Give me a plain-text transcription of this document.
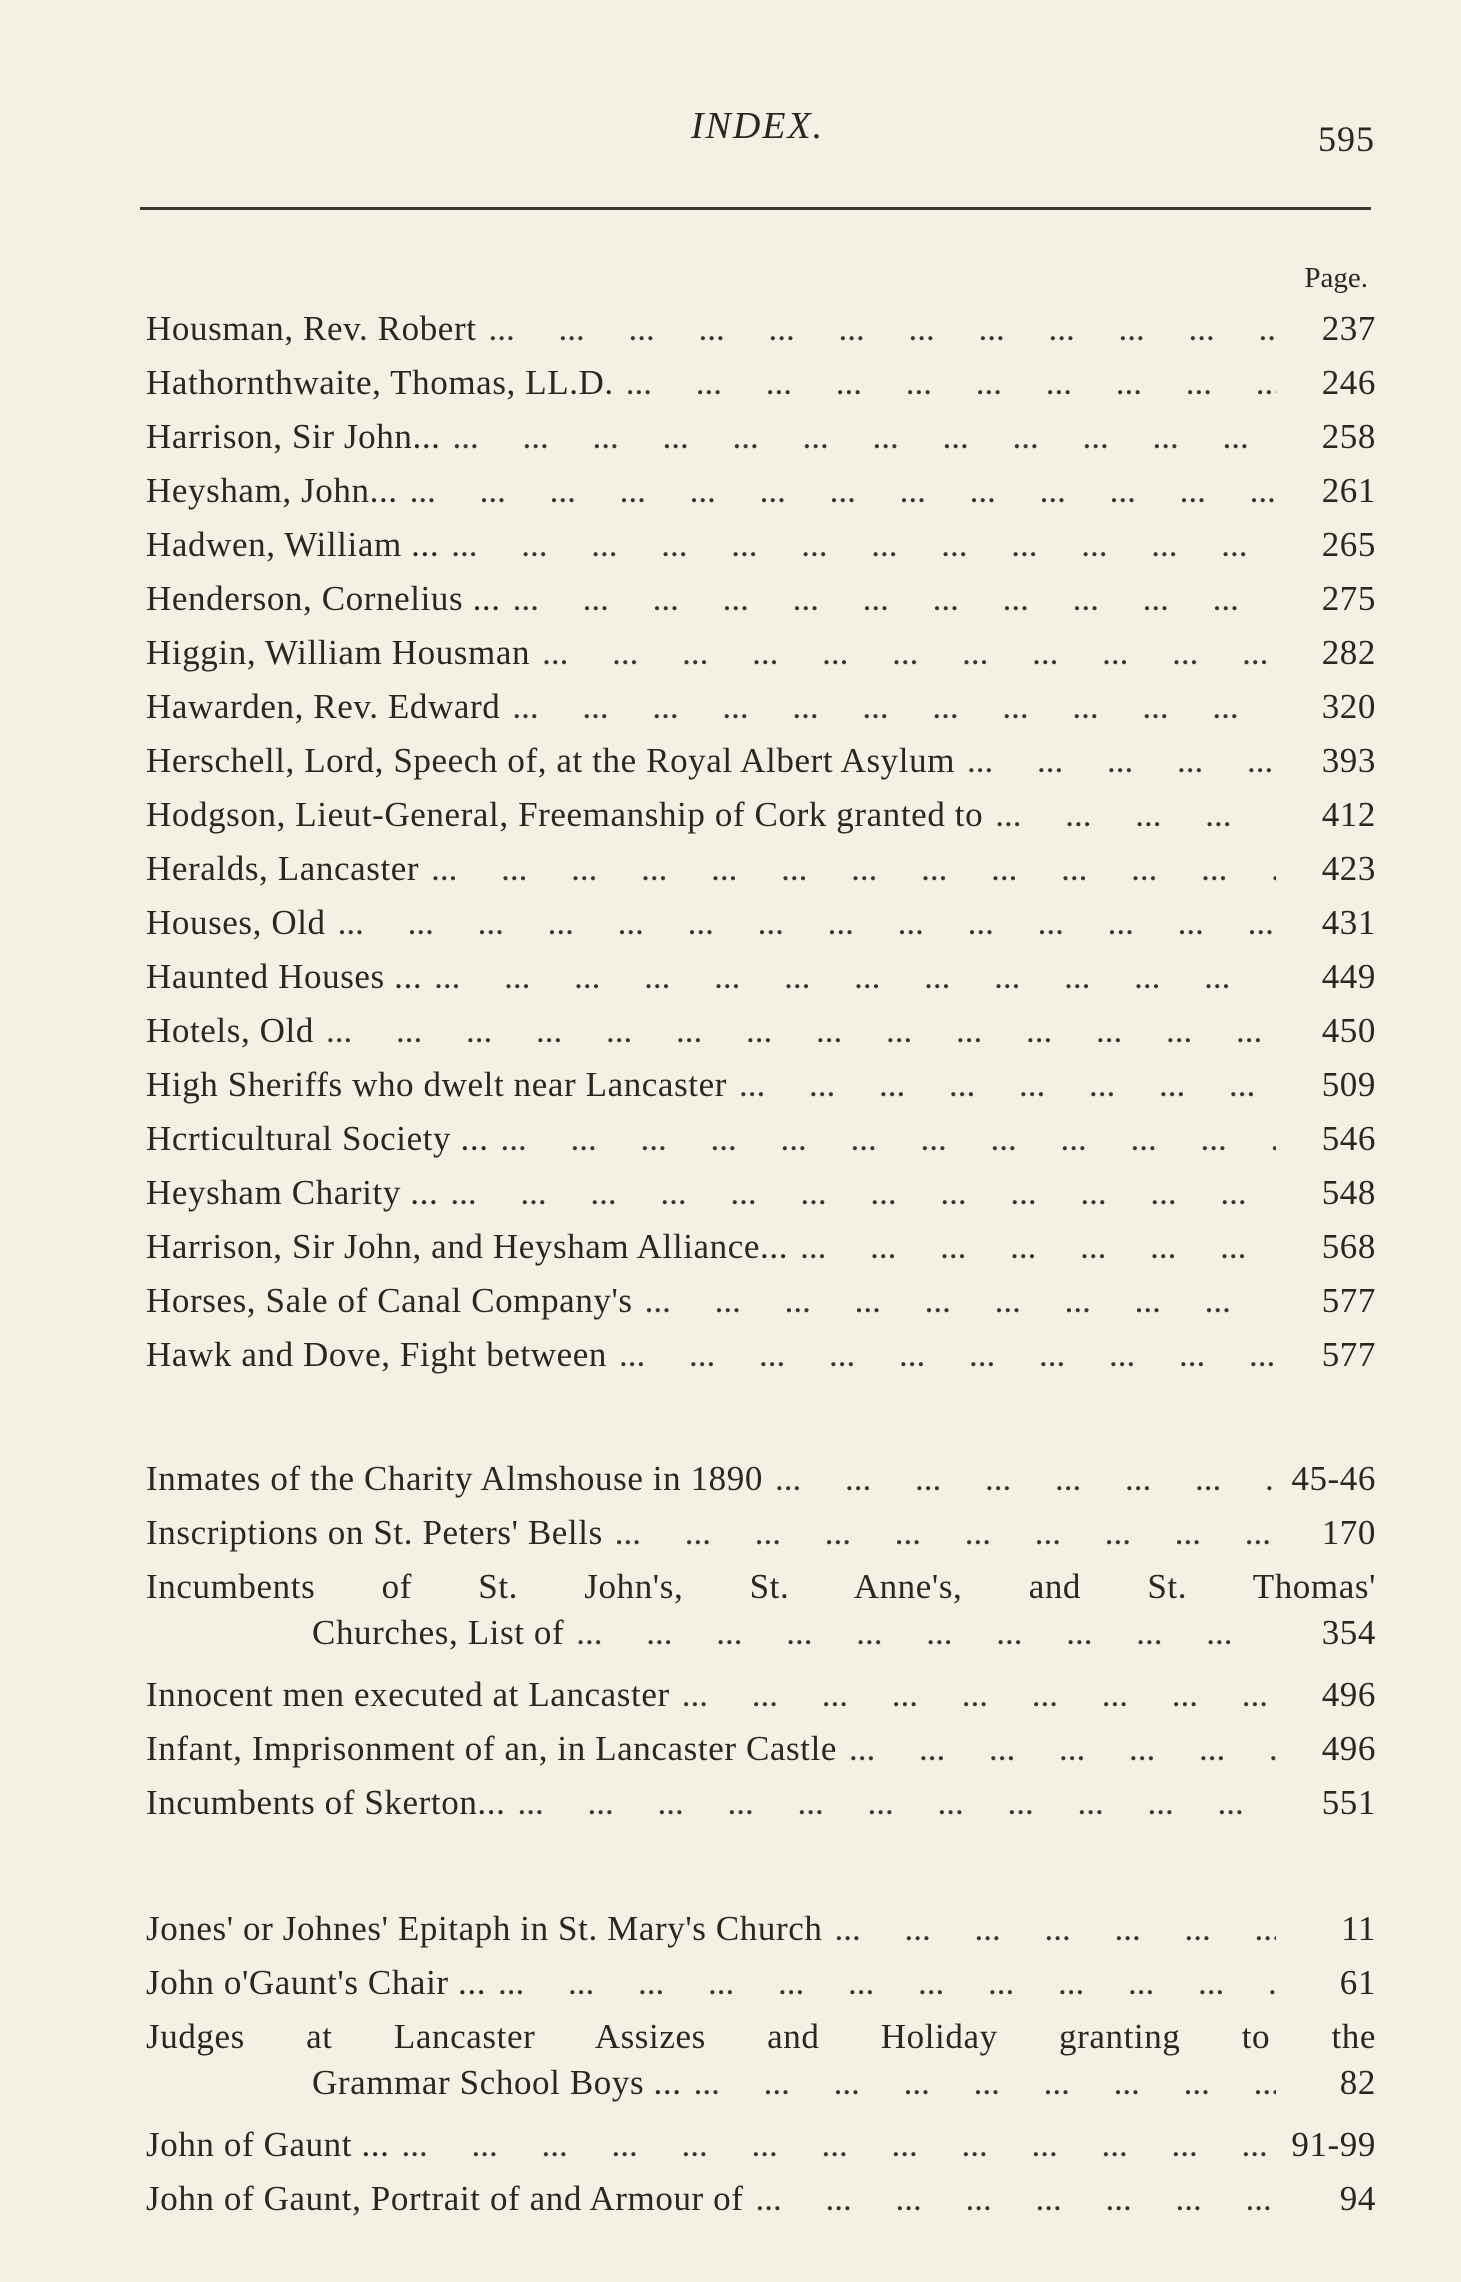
INDEX.	595
Page.
Housman, Rev. Robert ...	237
Hathornthwaite, Thomas, LL.D. ...	246
Harrison, Sir John... ...	258
Heysham, John... ...	261
Hadwen, William ... ...	265
Henderson, Cornelius ... ...	275
Higgin, William Housman ...	282
Hawarden, Rev. Edward ...	320
Herschell, Lord, Speech of, at the Royal Albert Asylum ...	393
Hodgson, Lieut-General, Freemanship of Cork granted to ...	412
Heralds, Lancaster ...	423
Houses, Old ...	431
Haunted Houses ... ...	449
Hotels, Old ...	450
High Sheriffs who dwelt near Lancaster ...	509
Hcrticultural Society ... ...	546
Heysham Charity ... ...	548
Harrison, Sir John, and Heysham Alliance... ...	568
Horses, Sale of Canal Company's ...	577
Hawk and Dove, Fight between ...	577
Inmates of the Charity Almshouse in 1890 ...	45-46
Inscriptions on St. Peters' Bells ...	170
Incumbents of St. John's, St. Anne's, and St. Thomas'
Churches, List of ...	354
Innocent men executed at Lancaster ...	496
Infant, Imprisonment of an, in Lancaster Castle ...	496
Incumbents of Skerton... ...	551
Jones' or Johnes' Epitaph in St. Mary's Church ...	11
John o'Gaunt's Chair ... ...	61
Judges at Lancaster Assizes and Holiday granting to the
Grammar School Boys ... ...	82
John of Gaunt ... ...	91-99
John of Gaunt, Portrait of and Armour of ...	94
